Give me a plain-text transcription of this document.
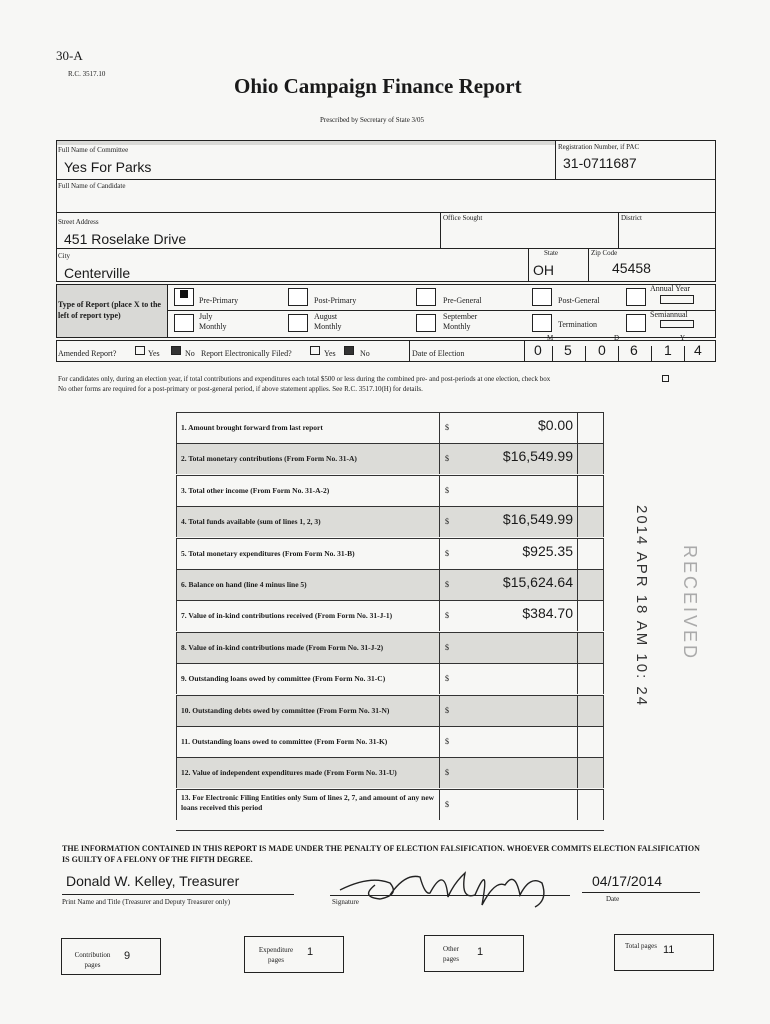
30-A
R.C. 3517.10	Ohio Campaign Finance Report
Prescribed by Secretary of State 3/05
Full Name of Committee
Yes For Parks
Registration Number, if PAC
31-0711687
Full Name of Candidate
Street Address
451 Roselake Drive
Office Sought	District
City
Centerville
State
OH
Zip Code
45458
Type of Report (place X to the left of report type)
Pre-Primary	Post-Primary	Pre-General	Post-General
Annual Year
July Monthly
August Monthly
September Monthly	Termination
Semiannual
Amended Report?	Yes	No Report Electronically Filed?	Yes	No	Date of Election
M	D	Y
0 5 0 6 1 4
For candidates only, during an election year, if total contributions and expenditures each total $500 or less during the combined pre- and post-periods at one election, check box
No other forms are required for a post-primary or post-general period, if above statement applies. See R.C. 3517.10(H) for details.
1. Amount brought forward from last report	$	$0.00
2. Total monetary contributions (From Form No. 31-A)	$	$16,549.99
3. Total other income (From Form No. 31-A-2)	$
4. Total funds available (sum of lines 1, 2, 3)	$	$16,549.99
5. Total monetary expenditures (From Form No. 31-B)	$	$925.35
6. Balance on hand (line 4 minus line 5)	$	$15,624.64
7. Value of in-kind contributions received (From Form No. 31-J-1)	$	$384.70
8. Value of in-kind contributions made (From Form No. 31-J-2)	$
9. Outstanding loans owed by committee (From Form No. 31-C)	$
10. Outstanding debts owed by committee (From Form No. 31-N)	$
11. Outstanding loans owed to committee (From Form No. 31-K)	$
12. Value of independent expenditures made (From Form No. 31-U)	$
13. For Electronic Filing Entities only Sum of lines 2, 7, and amount of any new loans received this period	$
2014 APR 18 AM 10: 24 RECEIVED
THE INFORMATION CONTAINED IN THIS REPORT IS MADE UNDER THE PENALTY OF ELECTION FALSIFICATION. WHOEVER COMMITS ELECTION FALSIFICATION IS GUILTY OF A FELONY OF THE FIFTH DEGREE.
Donald W. Kelley, Treasurer
Print Name and Title (Treasurer and Deputy Treasurer only)	Signature
04/17/2014
Date
Contribution pages
9	Expenditure pages
1	Other pages
1	Total pages 11
